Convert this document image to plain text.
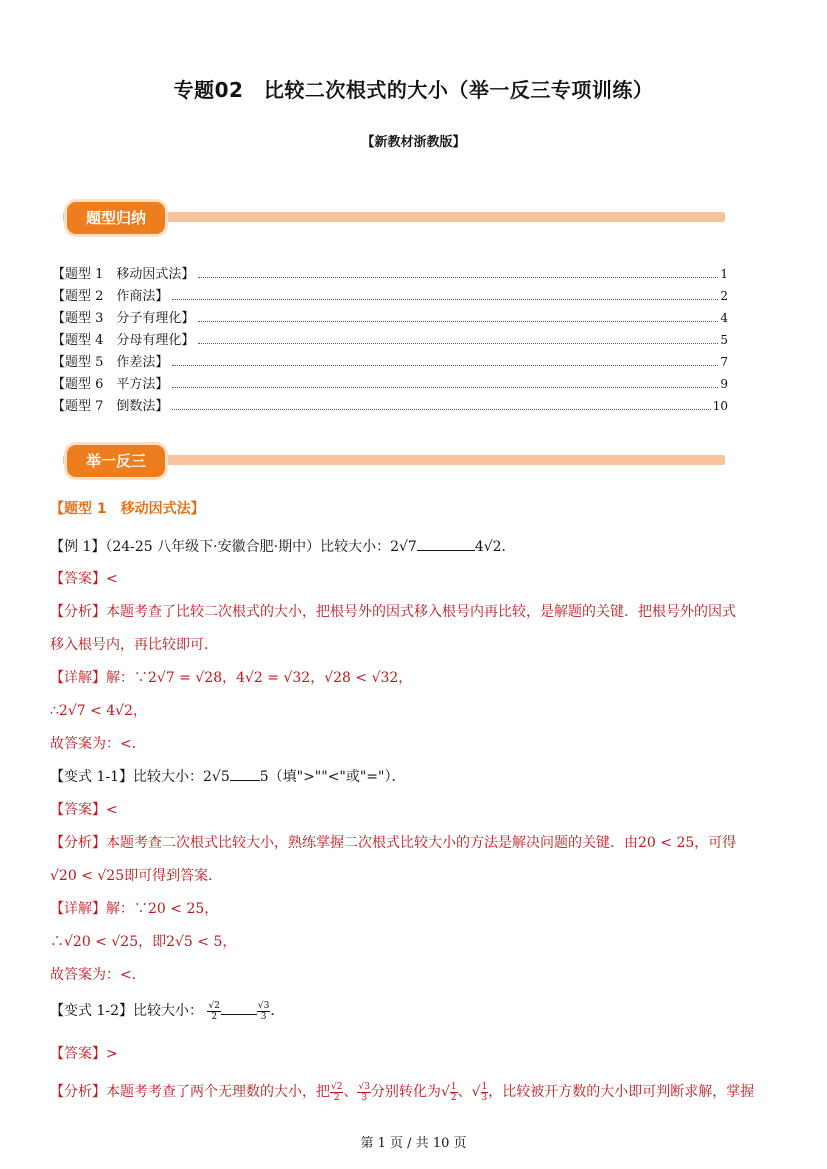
专题02　比较二次根式的大小（举一反三专项训练）
【新教材浙教版】
题型归纳
【题型 1　移动因式法】	1
【题型 2　作商法】	2
【题型 3　分子有理化】	4
【题型 4　分母有理化】	5
【题型 5　作差法】	7
【题型 6　平方法】	9
【题型 7　倒数法】	10
举一反三
【题型 1　移动因式法】
【例 1】（24-25 八年级下·安徽合肥·期中）比较大小：2√7	4√2．
【答案】<
【分析】本题考查了比较二次根式的大小，把根号外的因式移入根号内再比较，是解题的关键．把根号外的因式
移入根号内，再比较即可．
【详解】解：∵2√7 = √28，4√2 = √32，√28 < √32，
∴2√7 < 4√2，
故答案为：<．
【变式 1-1】比较大小：2√5 5（填">""<"或"="）．
【答案】<
【分析】本题考查二次根式比较大小，熟练掌握二次根式比较大小的方法是解决问题的关键．由20 < 25，可得
√20 < √25即可得到答案．
【详解】解：∵20 < 25，
∴√20 < √25，即2√5 < 5，
故答案为：<．
【变式 1-2】比较大小： $\frac{√2}{2}$	$\frac{√3}{3}$ ．
【答案】>
【分析】本题考考查了两个无理数的大小，把 $\frac{√2}{2}$ 、 $\frac{√3}{3}$ 分别转化为√ $\frac{1}{2}$ 、√ $\frac{1}{3}$ ，比较被开方数的大小即可判断求解，掌握
第 1 页 / 共 10 页
